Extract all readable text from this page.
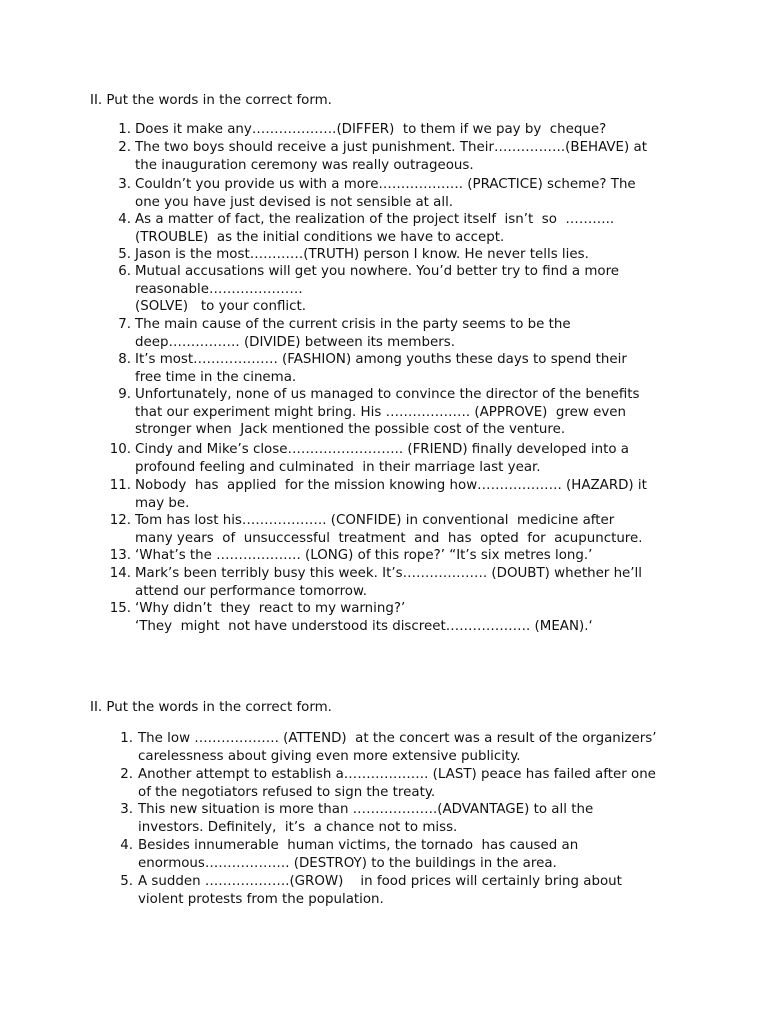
II. Put the words in the correct form.
1. Does it make any……………….(DIFFER)  to them if we pay by  cheque?
2. The two boys should receive a just punishment. Their…………….(BEHAVE) at
the inauguration ceremony was really outrageous.
3. Couldn’t you provide us with a more………………. (PRACTICE) scheme? The
one you have just devised is not sensible at all.
4. As a matter of fact, the realization of the project itself  isn’t  so  ………..
(TROUBLE)  as the initial conditions we have to accept.
5. Jason is the most…………(TRUTH) person I know. He never tells lies.
6. Mutual accusations will get you nowhere. You’d better try to find a more
reasonable…………………
(SOLVE)   to your conflict.
7. The main cause of the current crisis in the party seems to be the
deep……………. (DIVIDE) between its members.
8. It’s most………………. (FASHION) among youths these days to spend their
free time in the cinema.
9. Unfortunately, none of us managed to convince the director of the benefits
that our experiment might bring. His ………………. (APPROVE)  grew even
stronger when  Jack mentioned the possible cost of the venture.
10. Cindy and Mike’s close…………………….. (FRIEND) finally developed into a
profound feeling and culminated  in their marriage last year.
11. Nobody  has  applied  for the mission knowing how………………. (HAZARD) it
may be.
12. Tom has lost his………………. (CONFIDE) in conventional  medicine after
many years  of  unsuccessful  treatment  and  has  opted  for  acupuncture.
13. ‘What’s the ………………. (LONG) of this rope?’ “It’s six metres long.’
14. Mark’s been terribly busy this week. It’s………………. (DOUBT) whether he’ll
attend our performance tomorrow.
15. ‘Why didn’t  they  react to my warning?’
‘They  might  not have understood its discreet………………. (MEAN).‘
II. Put the words in the correct form.
1. The low ………………. (ATTEND)  at the concert was a result of the organizers’
carelessness about giving even more extensive publicity.
2. Another attempt to establish a………………. (LAST) peace has failed after one
of the negotiators refused to sign the treaty.
3. This new situation is more than ……………….(ADVANTAGE) to all the
investors. Definitely,  it’s  a chance not to miss.
4. Besides innumerable  human victims, the tornado  has caused an
enormous………………. (DESTROY) to the buildings in the area.
5. A sudden ……………….(GROW)    in food prices will certainly bring about
violent protests from the population.
